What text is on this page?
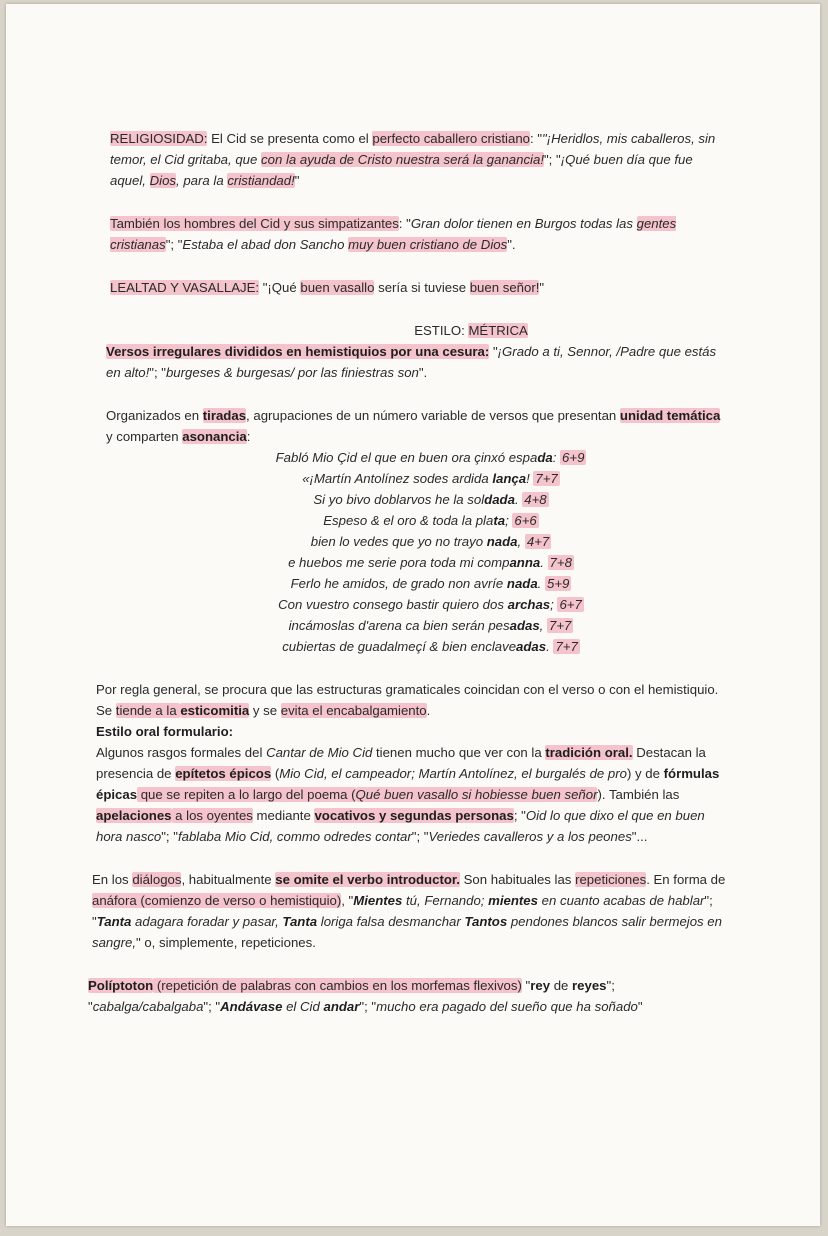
RELIGIOSIDAD: El Cid se presenta como el perfecto caballero cristiano: ""¡Heridlos, mis caballeros, sin temor, el Cid gritaba, que con la ayuda de Cristo nuestra será la ganancia!"; "¡Qué buen día que fue aquel, Dios, para la cristiandad!"

También los hombres del Cid y sus simpatizantes: "Gran dolor tienen en Burgos todas las gentes cristianas"; "Estaba el abad don Sancho muy buen cristiano de Dios".

LEALTAD Y VASALLAJE: "¡Qué buen vasallo sería si tuviese buen señor!"

ESTILO: MÉTRICA

Versos irregulares divididos en hemistiquios por una cesura: "¡Grado a ti, Sennor, /Padre que estás en alto!"; "burgeses & burgesas/ por las finiestras son".

Organizados en tiradas, agrupaciones de un número variable de versos que presentan unidad temática y comparten asonancia:

Fabló Mio Çid el que en buen ora çinxó espada: 6+9

«¡Martín Antolínez sodes ardida lança! 7+7

Si yo bivo doblarvos he la soldada. 4+8

Espeso & el oro & toda la plata; 6+6

bien lo vedes que yo no trayo nada, 4+7

e huebos me serie pora toda mi companna. 7+8

Ferlo he amidos, de grado non avríe nada. 5+9

Con vuestro consego bastir quiero dos archas; 6+7

incámoslas d'arena ca bien serán pesadas, 7+7

cubiertas de guadalmeçí & bien enclaveadas. 7+7

Por regla general, se procura que las estructuras gramaticales coincidan con el verso o con el hemistiquio. Se tiende a la esticomitia y se evita el encabalgamiento.

Estilo oral formulario:

Algunos rasgos formales del Cantar de Mio Cid tienen mucho que ver con la tradición oral. Destacan la presencia de epítetos épicos (Mio Cid, el campeador; Martín Antolínez, el burgalés de pro) y de fórmulas épicas que se repiten a lo largo del poema (Qué buen vasallo si hobiesse buen señor). También las apelaciones a los oyentes mediante vocativos y segundas personas; "Oid lo que dixo el que en buen hora nasco"; "fablaba Mio Cid, commo odredes contar"; "Veriedes cavalleros y a los peones"...

En los diálogos, habitualmente se omite el verbo introductor. Son habituales las repeticiones. En forma de anáfora (comienzo de verso o hemistiquio), "Mientes tú, Fernando; mientes en cuanto acabas de hablar"; "Tanta adagara foradar y pasar, Tanta loriga falsa desmanchar Tantos pendones blancos salir bermejos en sangre," o, simplemente, repeticiones.

Políptoton (repetición de palabras con cambios en los morfemas flexivos) "rey de reyes"; "cabalga/cabalgaba"; "Andávase el Cid andar"; "mucho era pagado del sueño que ha soñado"
